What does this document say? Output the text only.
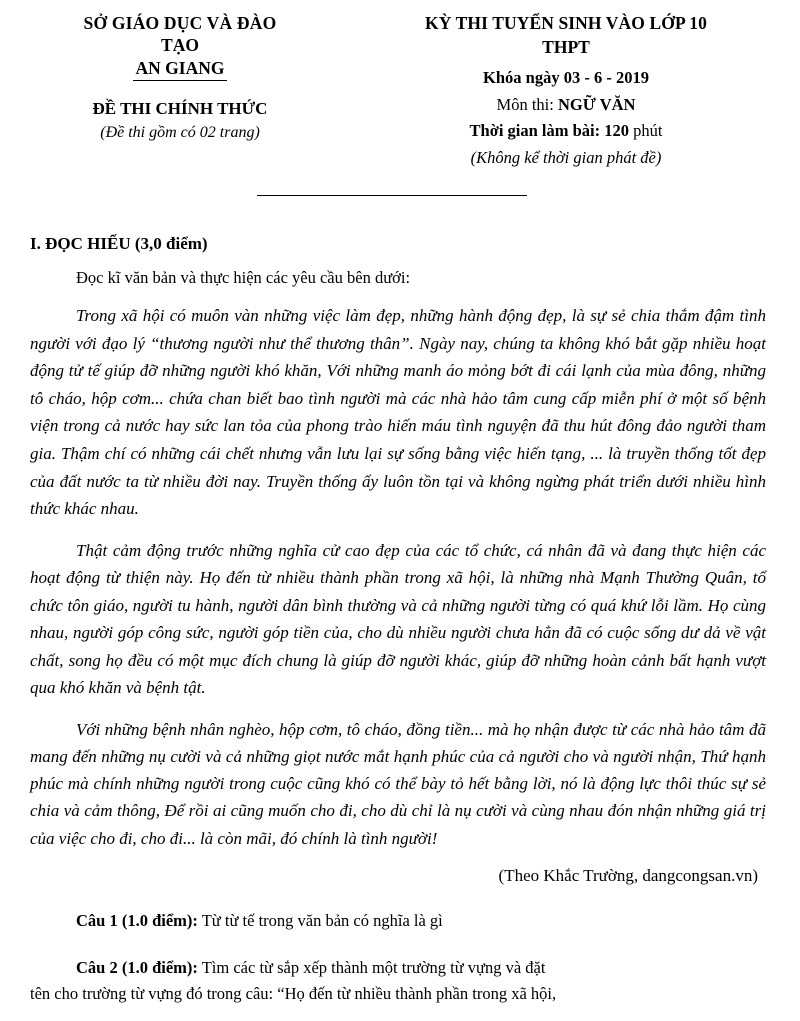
SỞ GIÁO DỤC VÀ ĐÀO
TẠO
AN GIANG
ĐỀ THI CHÍNH THỨC
(Đề thi gồm có 02 trang)
KỲ THI TUYỂN SINH VÀO LỚP 10
THPT
Khóa ngày 03 - 6 - 2019
Môn thi: NGỮ VĂN
Thời gian làm bài: 120 phút
(Không kể thời gian phát đề)
I. ĐỌC HIỂU (3,0 điểm)
Đọc kĩ văn bản và thực hiện các yêu cầu bên dưới:

Trong xã hội có muôn vàn những việc làm đẹp, những hành động đẹp, là sự sẻ chia thắm đậm tình người với đạo lý “thương người như thể thương thân”. Ngày nay, chúng ta không khó bắt gặp nhiều hoạt động tử tế giúp đỡ những người khó khăn, Với những manh áo mỏng bớt đi cái lạnh của mùa đông, những tô cháo, hộp cơm... chứa chan biết bao tình người mà các nhà hảo tâm cung cấp miễn phí ở một số bệnh viện trong cả nước hay sức lan tỏa của phong trào hiến máu tình nguyện đã thu hút đông đảo người tham gia. Thậm chí có những cái chết nhưng vẫn lưu lại sự sống bằng việc hiến tạng, ... là truyền thống tốt đẹp của đất nước ta từ nhiều đời nay. Truyền thống ấy luôn tồn tại và không ngừng phát triển dưới nhiều hình thức khác nhau.

Thật cảm động trước những nghĩa cử cao đẹp của các tổ chức, cá nhân đã và đang thực hiện các hoạt động từ thiện này. Họ đến từ nhiều thành phần trong xã hội, là những nhà Mạnh Thường Quân, tổ chức tôn giáo, người tu hành, người dân bình thường và cả những người từng có quá khứ lỗi lầm. Họ cùng nhau, người góp công sức, người góp tiền của, cho dù nhiều người chưa hẳn đã có cuộc sống dư dả về vật chất, song họ đều có một mục đích chung là giúp đỡ người khác, giúp đỡ những hoàn cảnh bất hạnh vượt qua khó khăn và bệnh tật.

Với những bệnh nhân nghèo, hộp cơm, tô cháo, đồng tiền... mà họ nhận được từ các nhà hảo tâm đã mang đến những nụ cười và cả những giọt nước mắt hạnh phúc của cả người cho và người nhận, Thứ hạnh phúc mà chính những người trong cuộc cũng khó có thể bày tỏ hết bằng lời, nó là động lực thôi thúc sự sẻ chia và cảm thông, Để rồi ai cũng muốn cho đi, cho dù chỉ là nụ cười và cùng nhau đón nhận những giá trị của việc cho đi, cho đi... là còn mãi, đó chính là tình người!

(Theo Khắc Trường, dangcongsan.vn)
Câu 1 (1.0 điểm): Từ từ tế trong văn bản có nghĩa là gì
Câu 2 (1.0 điểm): Tìm các từ sắp xếp thành một trường từ vựng và đặt
tên cho trường từ vựng đó trong câu: “Họ đến từ nhiều thành phần trong xã hội,
